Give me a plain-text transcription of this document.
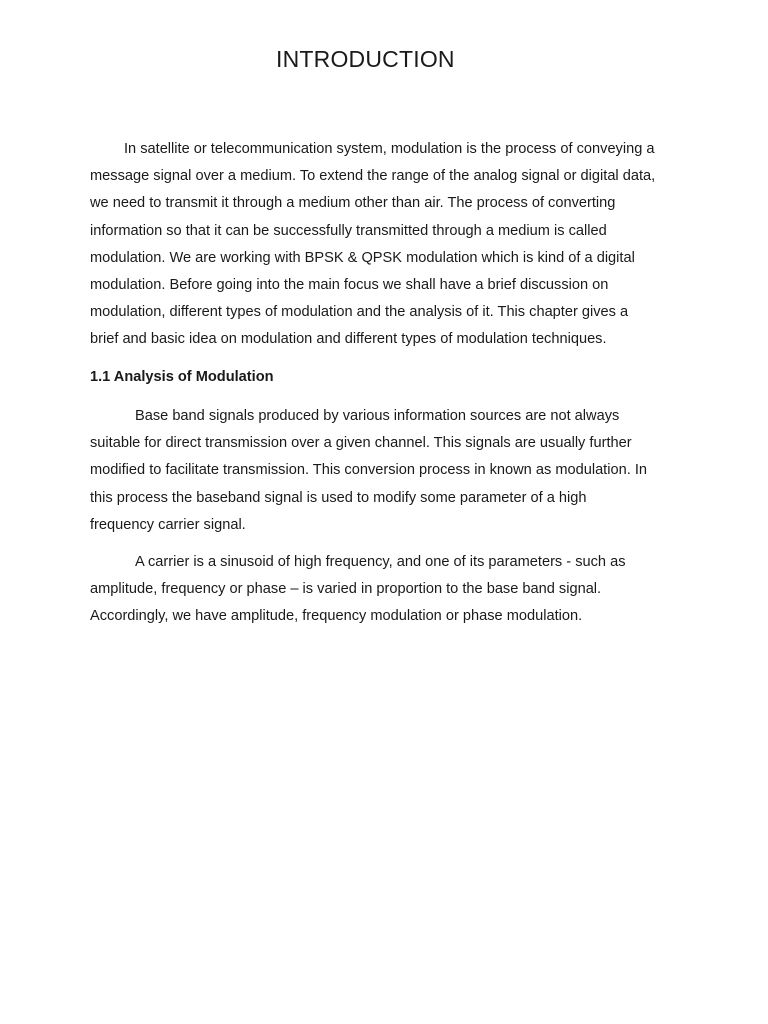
INTRODUCTION

In satellite or telecommunication system, modulation is the process of conveying a
message signal over a medium. To extend the range of the analog signal or digital data,
we need to transmit it through a medium other than air. The process of converting
information so that it can be successfully transmitted through a medium is called
modulation. We are working with BPSK & QPSK modulation which is kind of a digital
modulation. Before going into the main focus we shall have a brief discussion on
modulation, different types of modulation and the analysis of it. This chapter gives a
brief and basic idea on modulation and different types of modulation techniques.

1.1 Analysis of Modulation

Base band signals produced by various information sources are not always
suitable for direct transmission over a given channel. This signals are usually further
modified to facilitate transmission. This conversion process in known as modulation. In
this process the baseband signal is used to modify some parameter of a high
frequency carrier signal.

A carrier is a sinusoid of high frequency, and one of its parameters - such as
amplitude, frequency or phase – is varied in proportion to the base band signal.
Accordingly, we have amplitude, frequency modulation or phase modulation.
